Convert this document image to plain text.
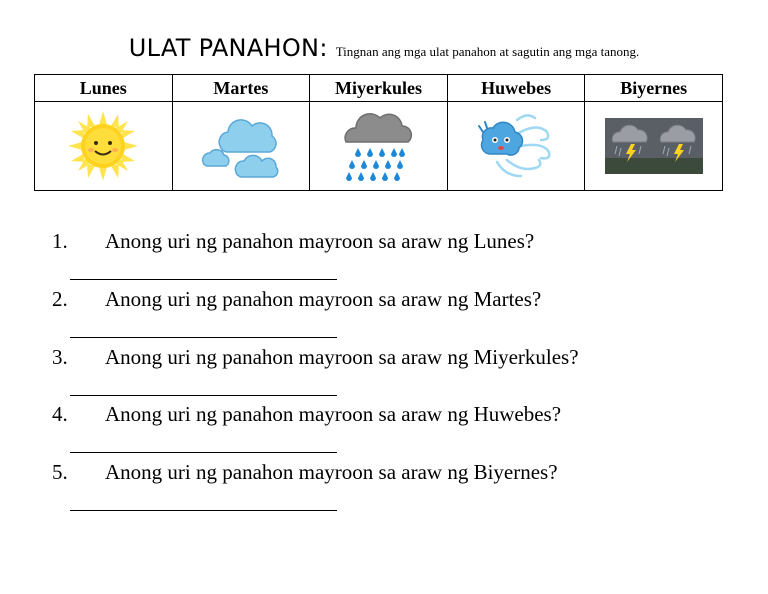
ULAT PANAHON: Tingnan ang mga ulat panahon at sagutin ang mga tanong.
Lunes	Martes	Miyerkules	Huwebes	Biyernes

1. Anong uri ng panahon mayroon sa araw ng Lunes?
2. Anong uri ng panahon mayroon sa araw ng Martes?
3. Anong uri ng panahon mayroon sa araw ng Miyerkules?
4. Anong uri ng panahon mayroon sa araw ng Huwebes?
5. Anong uri ng panahon mayroon sa araw ng Biyernes?
